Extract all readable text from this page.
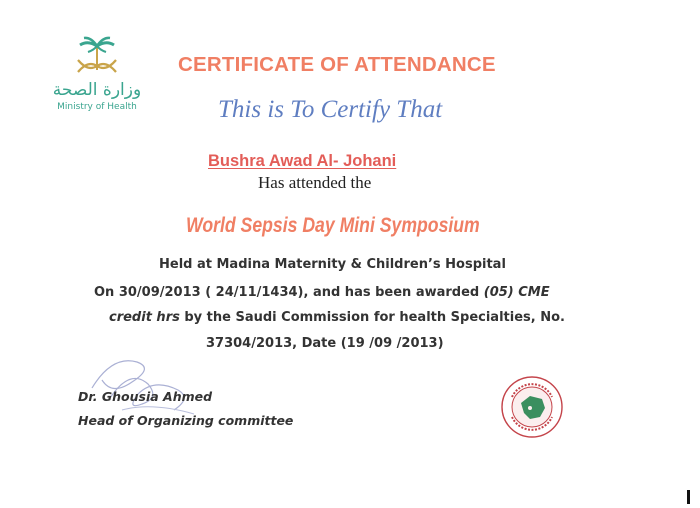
وزارة الصحة
Ministry of Health
CERTIFICATE OF ATTENDANCE
This is To Certify That
Bushra Awad Al- Johani
Has attended the
World Sepsis Day Mini Symposium
Held at Madina Maternity & Children’s Hospital
On 30/09/2013 ( 24/11/1434), and has been awarded (05) CME
credit hrs by the Saudi Commission for health Specialties, No.
37304/2013, Date (19 /09 /2013)
Dr. Ghousia Ahmed
Head of Organizing committee
